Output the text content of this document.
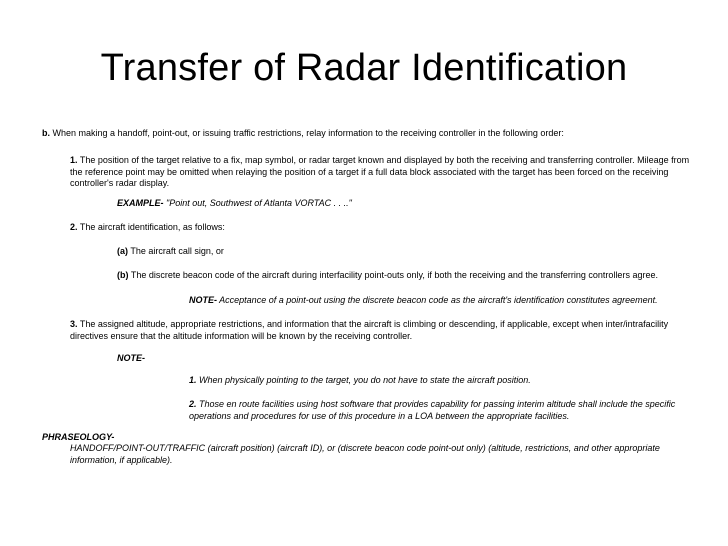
Transfer of Radar Identification

b. When making a handoff, point-out, or issuing traffic restrictions, relay information to the receiving controller in the following order:

1. The position of the target relative to a fix, map symbol, or radar target known and displayed by both the receiving and transferring controller. Mileage from the reference point may be omitted when relaying the position of a target if a full data block associated with the target has been forced on the receiving controller's radar display.

EXAMPLE- "Point out, Southwest of Atlanta VORTAC . . .."

2. The aircraft identification, as follows:

(a) The aircraft call sign, or

(b) The discrete beacon code of the aircraft during interfacility point-outs only, if both the receiving and the transferring controllers agree.

NOTE- Acceptance of a point-out using the discrete beacon code as the aircraft's identification constitutes agreement.

3. The assigned altitude, appropriate restrictions, and information that the aircraft is climbing or descending, if applicable, except when inter/intrafacility directives ensure that the altitude information will be known by the receiving controller.

NOTE-

1. When physically pointing to the target, you do not have to state the aircraft position.

2. Those en route facilities using host software that provides capability for passing interim altitude shall include the specific operations and procedures for use of this procedure in a LOA between the appropriate facilities.

PHRASEOLOGY-

HANDOFF/POINT-OUT/TRAFFIC (aircraft position) (aircraft ID), or (discrete beacon code point-out only) (altitude, restrictions, and other appropriate information, if applicable).
